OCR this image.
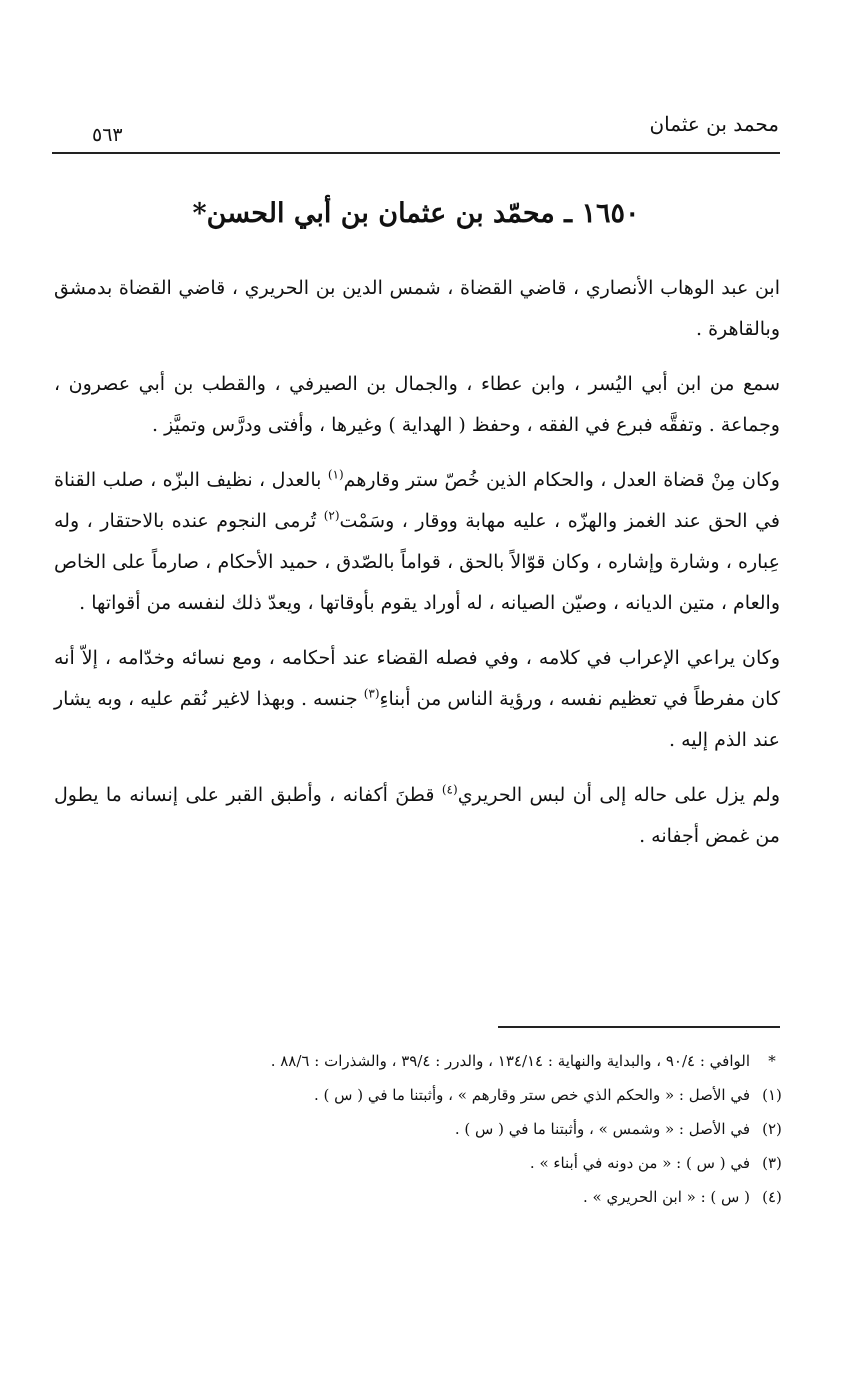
محمد بن عثمان
٥٦٣
١٦٥٠ ـ محمّد بن عثمان بن أبي الحسن*

ابن عبد الوهاب الأنصاري ، قاضي القضاة ، شمس الدين بن الحريري ، قاضي القضاة بدمشق وبالقاهرة .

سمع من ابن أبي اليُسر ، وابن عطاء ، والجمال بن الصيرفي ، والقطب بن أبي عصرون ، وجماعة . وتفقَّه فبرع في الفقه ، وحفظ ( الهداية ) وغيرها ، وأفتى ودرَّس وتميَّز .

وكان مِنْ قضاة العدل ، والحكام الذين خُصّ ستر وقارهم$^{(١)}$ بالعدل ، نظيف البزّه ، صلب القناة في الحق عند الغمز والهزّه ، عليه مهابة ووقار ، وسَمْت$^{(٢)}$ تُرمى النجوم عنده بالاحتقار ، وله عِباره ، وشارة وإشاره ، وكان قوّالاً بالحق ، قواماً بالصّدق ، حميد الأحكام ، صارماً على الخاص والعام ، متين الديانه ، وصيّن الصيانه ، له أوراد يقوم بأوقاتها ، ويعدّ ذلك لنفسه من أقواتها .

وكان يراعي الإعراب في كلامه ، وفي فصله القضاء عند أحكامه ، ومع نسائه وخدّامه ، إلاّ أنه كان مفرطاً في تعظيم نفسه ، ورؤية الناس من أبناءِ$^{(٣)}$ جنسه . وبهذا لاغير نُقم عليه ، وبه يشار عند الذم إليه .

ولم يزل على حاله إلى أن لبس الحريري$^{(٤)}$ قطنَ أكفانه ، وأطبق القبر على إنسانه ما يطول من غمض أجفانه .

*الوافي : ٩٠/٤ ، والبداية والنهاية : ١٣٤/١٤ ، والدرر : ٣٩/٤ ، والشذرات : ٨٨/٦ .
(١)في الأصل : « والحكم الذي خص ستر وقارهم » ، وأثبتنا ما في ( س ) .
(٢)في الأصل : « وشمس » ، وأثبتنا ما في ( س ) .
(٣)في ( س ) : « من دونه في أبناء » .
(٤)( س ) : « ابن الحريري » .
